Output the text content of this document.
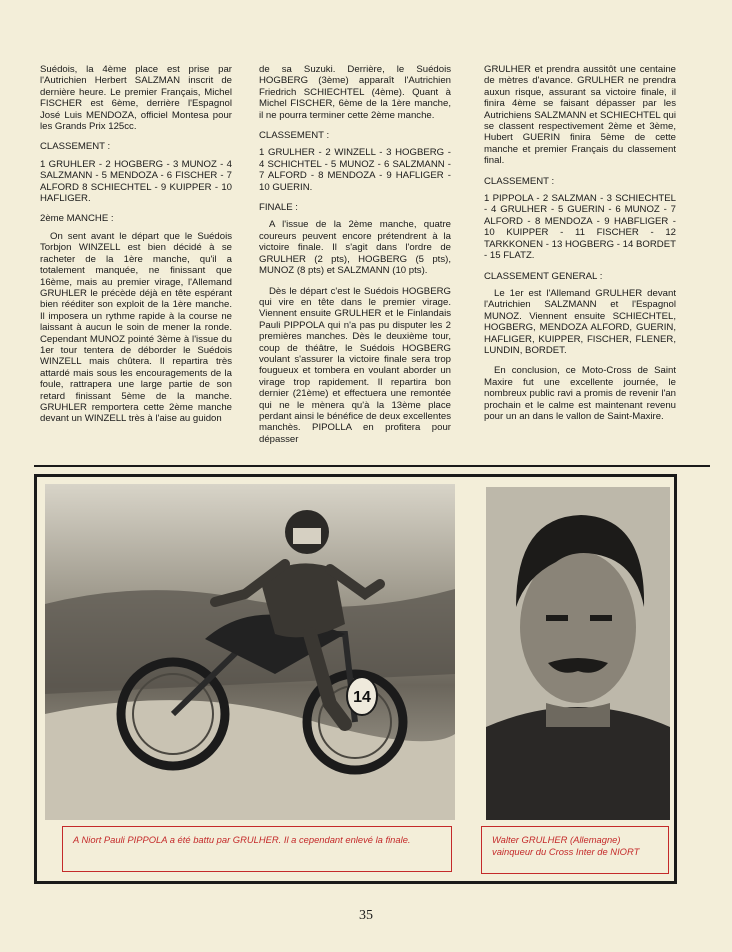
Suédois, la 4ème place est prise par l'Autrichien Herbert SALZMAN inscrit de dernière heure. Le premier Français, Michel FISCHER est 6ème, derrière l'Espagnol José Luis MENDOZA, officiel Montesa pour les Grands Prix 125cc.

CLASSEMENT :

1 GRUHLER - 2 HOGBERG - 3 MUNOZ - 4 SALZMANN - 5 MENDOZA - 6 FISCHER - 7 ALFORD 8 SCHIECHTEL - 9 KUIPPER - 10 HAFLIGER.

2ème MANCHE :

On sent avant le départ que le Suédois Torbjon WINZELL est bien décidé à se racheter de la 1ère manche, qu'il a totalement manquée, ne finissant que 16ème, mais au premier virage, l'Allemand GRUHLER le précède déjà en tête espérant bien rééditer son exploit de la 1ère manche. Il imposera un rythme rapide à la course ne laissant à aucun le soin de mener la ronde. Cependant MUNOZ pointé 3ème à l'issue du 1er tour tentera de déborder le Suédois WINZELL mais chûtera. Il repartira très attardé mais sous les encouragements de la foule, rattrapera une large partie de son retard finissant 5ème de la manche. GRUHLER remportera cette 2ème manche devant un WINZELL très à l'aise au guidon

de sa Suzuki. Derrière, le Suédois HOGBERG (3ème) apparaît l'Autrichien Friedrich SCHIECHTEL (4ème). Quant à Michel FISCHER, 6ème de la 1ère manche, il ne pourra terminer cette 2ème manche.

CLASSEMENT :

1 GRULHER - 2 WINZELL - 3 HOGBERG - 4 SCHICHTEL - 5 MUNOZ - 6 SALZMANN - 7 ALFORD - 8 MENDOZA - 9 HAFLIGER - 10 GUERIN.

FINALE :

A l'issue de la 2ème manche, quatre coureurs peuvent encore prétendrent à la victoire finale. Il s'agit dans l'ordre de GRULHER (2 pts), HOGBERG (5 pts), MUNOZ (8 pts) et SALZMANN (10 pts).

Dès le départ c'est le Suédois HOGBERG qui vire en tête dans le premier virage. Viennent ensuite GRULHER et le Finlandais Pauli PIPPOLA qui n'a pas pu disputer les 2 premières manches. Dès le deuxième tour, coup de théâtre, le Suédois HOGBERG voulant s'assurer la victoire finale sera trop fougueux et tombera en voulant aborder un virage trop rapidement. Il repartira bon dernier (21ème) et effectuera une remontée qui ne le mènera qu'à la 13ème place perdant ainsi le bénéfice de deux excellentes manchès. PIPOLLA en profitera pour dépasser

GRULHER et prendra aussitôt une centaine de mètres d'avance. GRULHER ne prendra auxun risque, assurant sa victoire finale, il finira 4ème se faisant dépasser par les Autrichiens SALZMANN et SCHIECHTEL qui se classent respectivement 2ème et 3ème, Hubert GUERIN finira 5ème de cette manche et premier Français du classement final.

CLASSEMENT :

1 PIPPOLA - 2 SALZMAN - 3 SCHIECHTEL - 4 GRULHER - 5 GUERIN - 6 MUNOZ - 7 ALFORD - 8 MENDOZA - 9 HABFLIGER - 10 KUIPPER - 11 FISCHER - 12 TARKKONEN - 13 HOGBERG - 14 BORDET - 15 FLATZ.

CLASSEMENT GENERAL :

Le 1er est l'Allemand GRULHER devant l'Autrichien SALZMANN et l'Espagnol MUNOZ. Viennent ensuite SCHIECHTEL, HOGBERG, MENDOZA ALFORD, GUERIN, HAFLIGER, KUIPPER, FISCHER, FLENER, LUNDIN, BORDET.

En conclusion, ce Moto-Cross de Saint Maxire fut une excellente journée, le nombreux public ravi a promis de revenir l'an prochain et le calme est maintenant revenu pour un an dans le vallon de Saint-Maxire.

14
A Niort Pauli PIPPOLA a été battu par GRULHER. Il a cependant enlevé la finale.	Walter GRULHER (Allemagne) vainqueur du Cross Inter de NIORT
35
